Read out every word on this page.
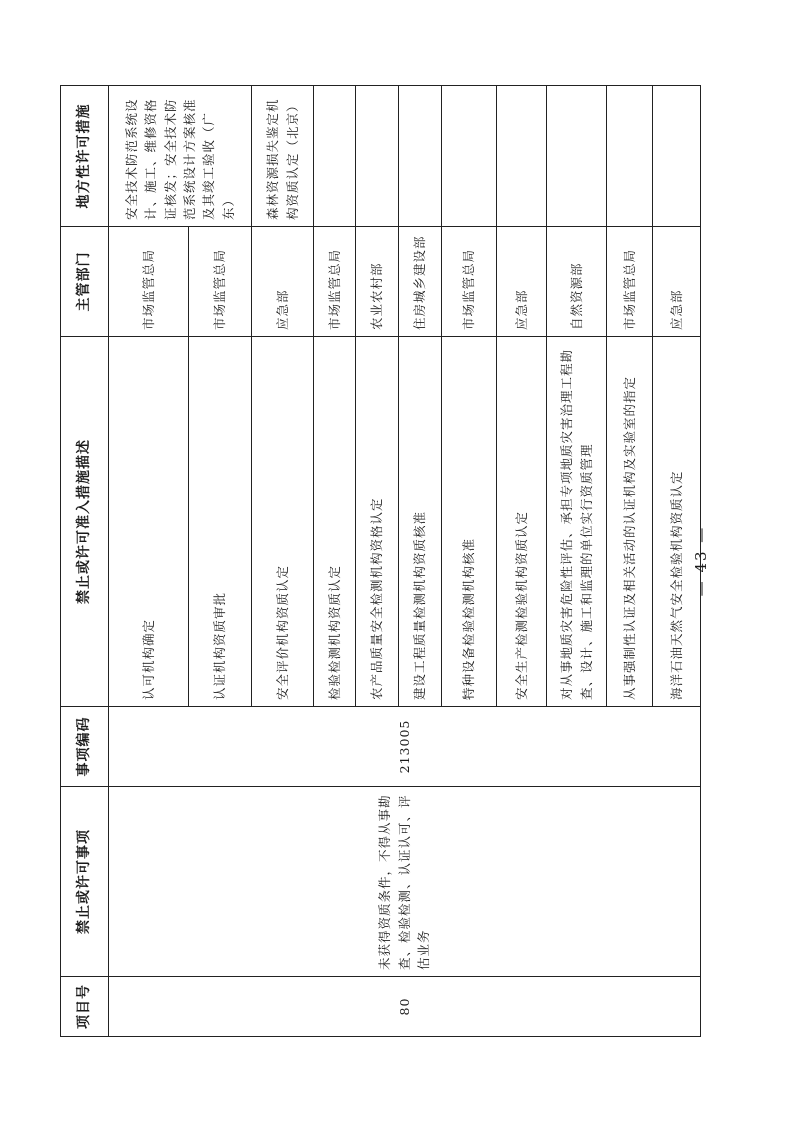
项目号	禁止或许可事项	事项编码	禁止或许可准入措施描述	主管部门	地方性许可措施
80	未获得资质条件，不得从事勘查、检验检测、认证认可、评估业务	213005	认可机构确定	市场监管总局	安全技术防范系统设计、施工、维修资格证核发；安全技术防范系统设计方案核准及其竣工验收（广东）
			认证机构资质审批	市场监管总局	
			安全评价机构资质认定	应急部	森林资源损失鉴定机构资质认定（北京）
			检验检测机构资质认定	市场监管总局	
			农产品质量安全检测机构资格认定	农业农村部	
			建设工程质量检测机构资质核准	住房城乡建设部	
			特种设备检验检测机构核准	市场监管总局	
			安全生产检测检验机构资质认定	应急部	
			对从事地质灾害危险性评估、承担专项地质灾害治理工程勘查、设计、施工和监理的单位实行资质管理	自然资源部	
			从事强制性认证及相关活动的认证机构及实验室的指定	市场监管总局	
			海洋石油天然气安全检验机构资质认定	应急部	
— 43 —
